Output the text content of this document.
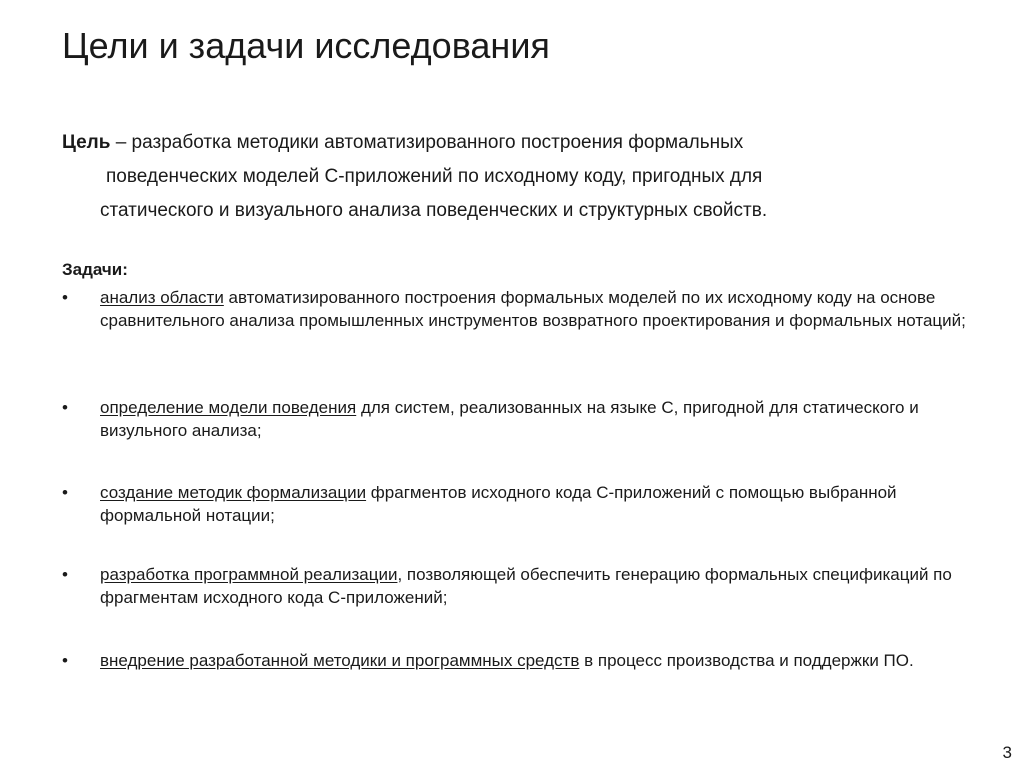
Цели и задачи исследования
Цель – разработка методики автоматизированного построения формальных
поведенческих моделей С-приложений по исходному коду, пригодных для
статического и визуального анализа поведенческих и структурных свойств.
Задачи:
•	анализ области автоматизированного построения формальных моделей по их исходному коду на основе сравнительного анализа промышленных инструментов возвратного проектирования и формальных нотаций;
•	определение модели поведения для систем, реализованных на языке С, пригодной для статического и визульного анализа;
•	создание методик формализации фрагментов исходного кода С-приложений с помощью выбранной формальной нотации;
•	разработка программной реализации, позволяющей обеспечить генерацию формальных спецификаций по фрагментам исходного кода С-приложений;
•	внедрение разработанной методики и программных средств в процесс производства и поддержки ПО.
3
